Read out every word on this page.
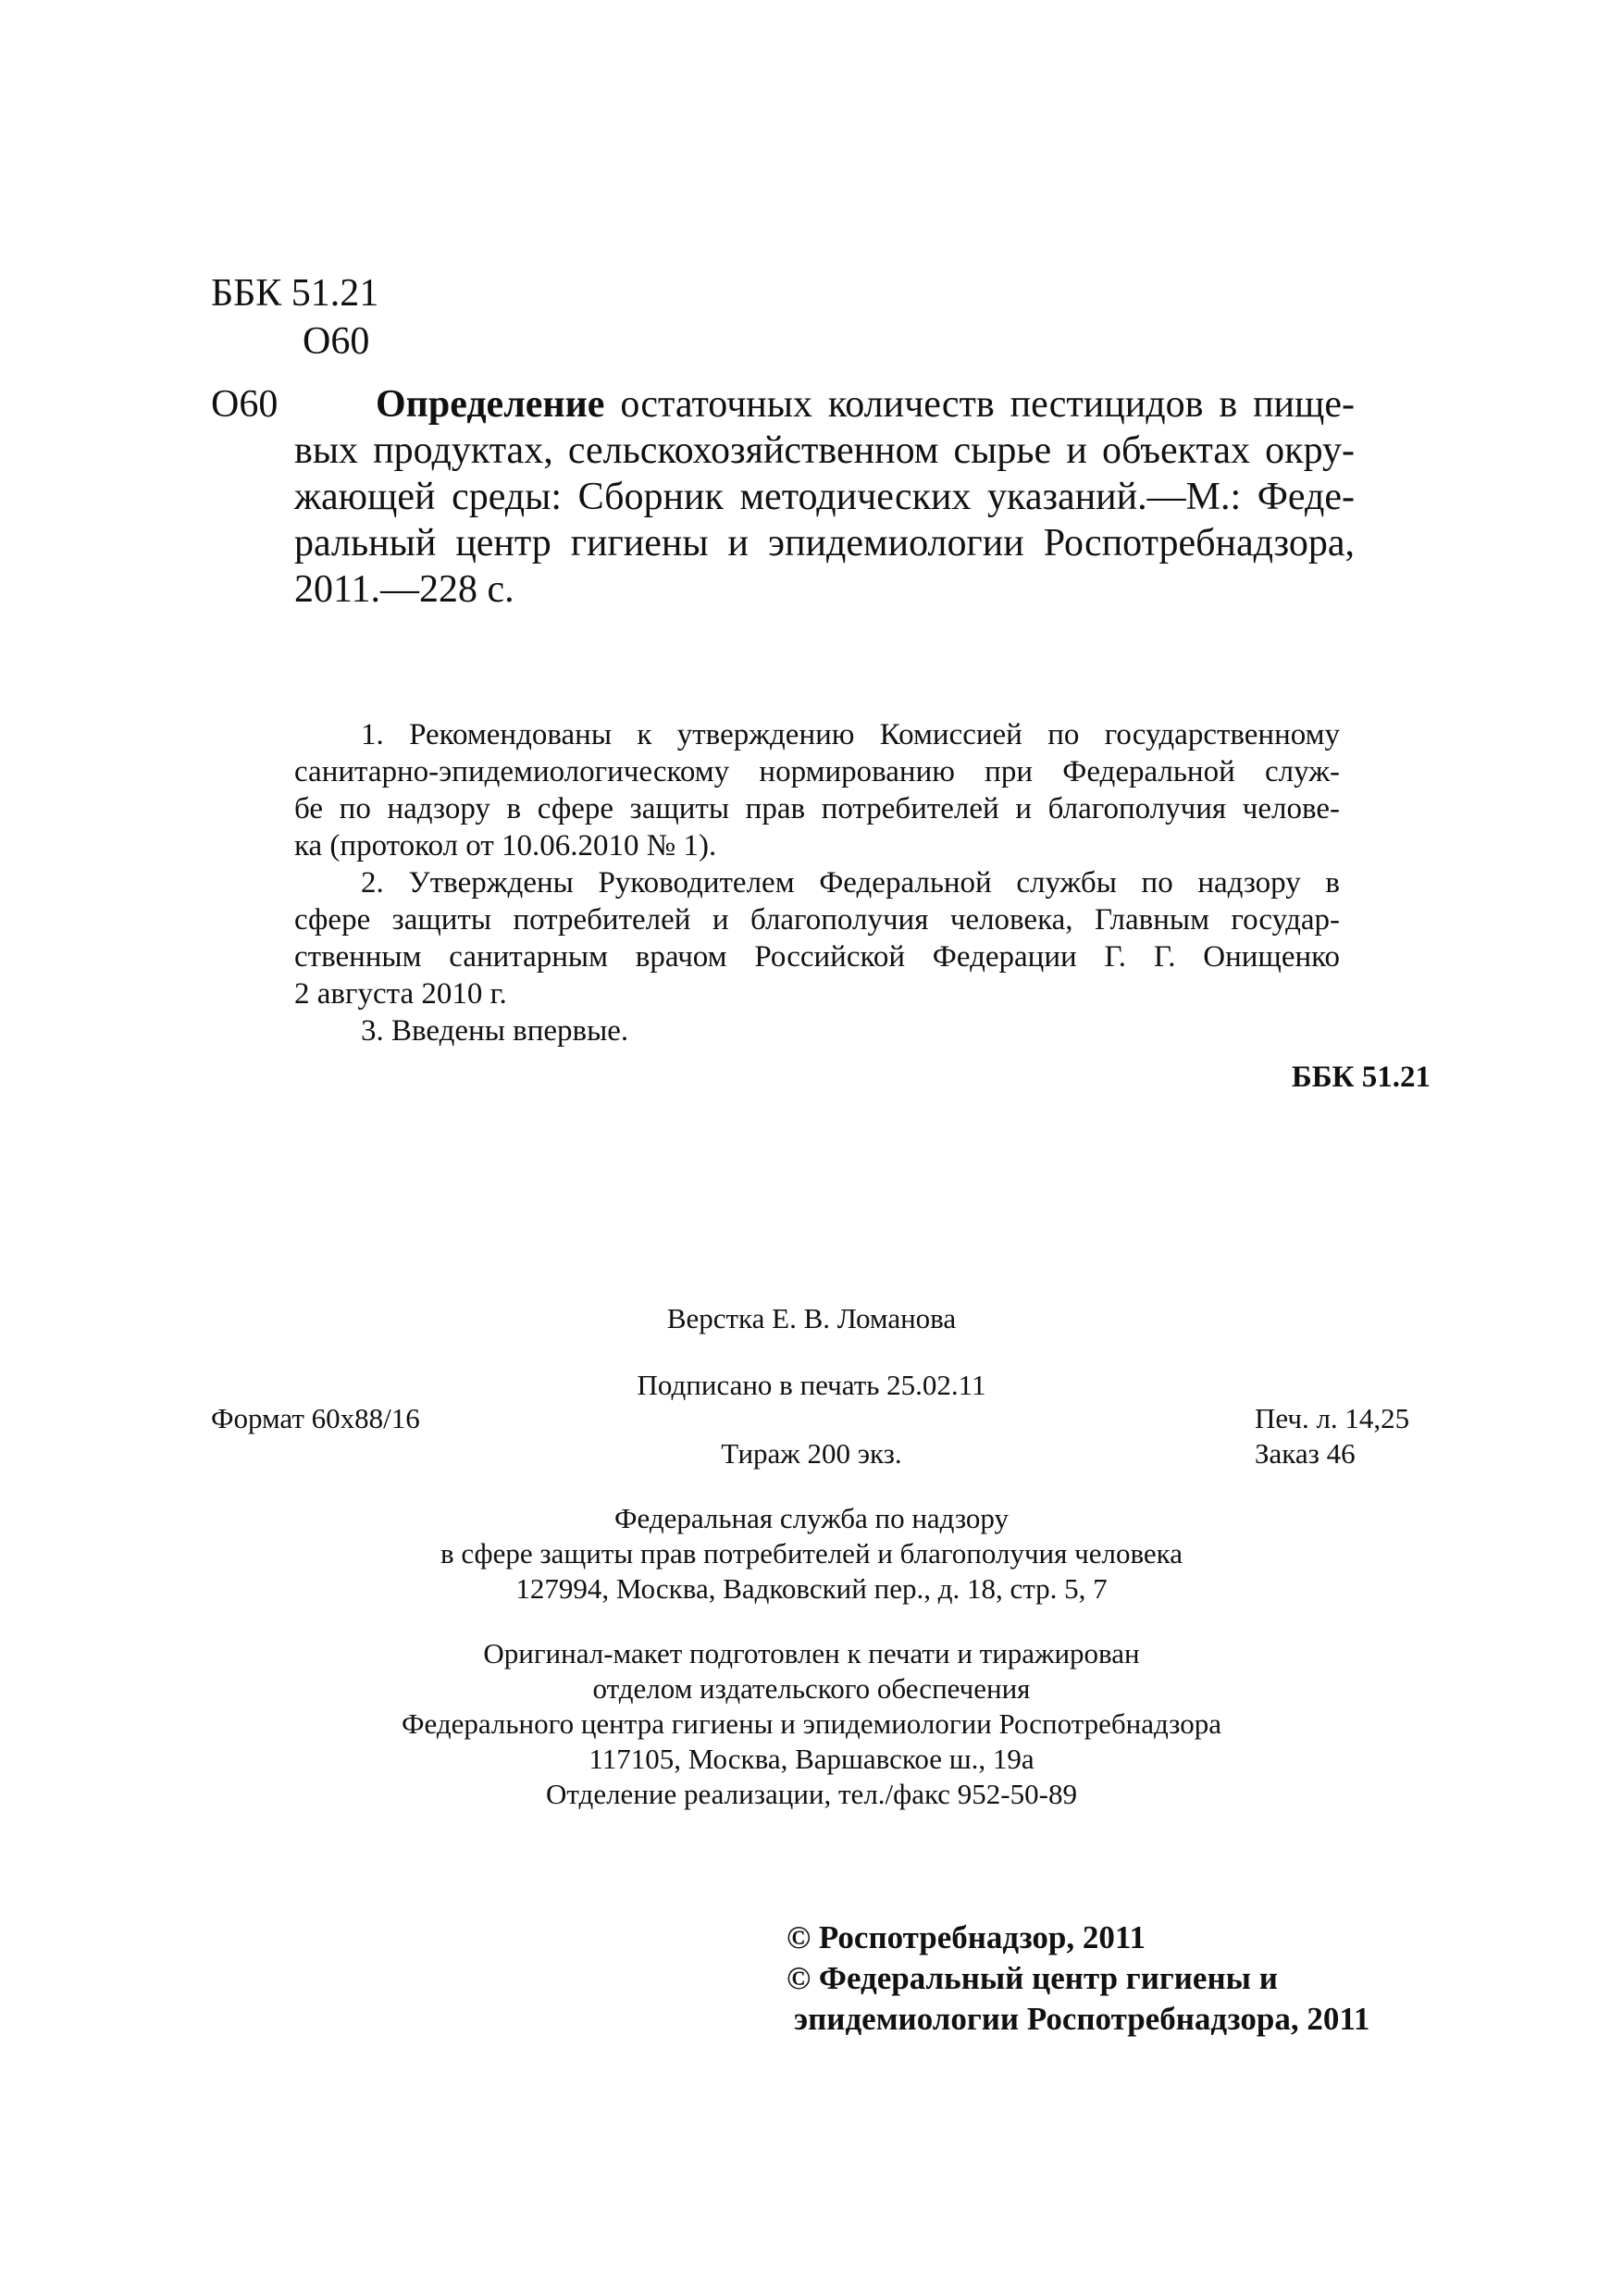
ББК 51.21
О60
О60	Определение остаточных количеств пестицидов в пище-
вых продуктах, сельскохозяйственном сырье и объектах окру-
жающей среды: Сборник методических указаний.—М.: Феде-
ральный центр гигиены и эпидемиологии Роспотребнадзора,
2011.—228 с.
1. Рекомендованы к утверждению Комиссией по государственному
санитарно-эпидемиологическому нормированию при Федеральной служ-
бе по надзору в сфере защиты прав потребителей и благополучия челове-
ка (протокол от 10.06.2010 № 1).
2. Утверждены Руководителем Федеральной службы по надзору в
сфере защиты потребителей и благополучия человека, Главным государ-
ственным санитарным врачом Российской Федерации Г. Г. Онищенко
2 августа 2010 г.
3. Введены впервые.
ББК 51.21
Верстка Е. В. Ломанова
Подписано в печать 25.02.11
Формат 60x88/16	Печ. л. 14,25
Тираж 200 экз.	Заказ 46
Федеральная служба по надзору
в сфере защиты прав потребителей и благополучия человека
127994, Москва, Вадковский пер., д. 18, стр. 5, 7
Оригинал-макет подготовлен к печати и тиражирован
отделом издательского обеспечения
Федерального центра гигиены и эпидемиологии Роспотребнадзора
117105, Москва, Варшавское ш., 19а
Отделение реализации, тел./факс 952-50-89
© Роспотребнадзор, 2011
© Федеральный центр гигиены и
эпидемиологии Роспотребнадзора, 2011
